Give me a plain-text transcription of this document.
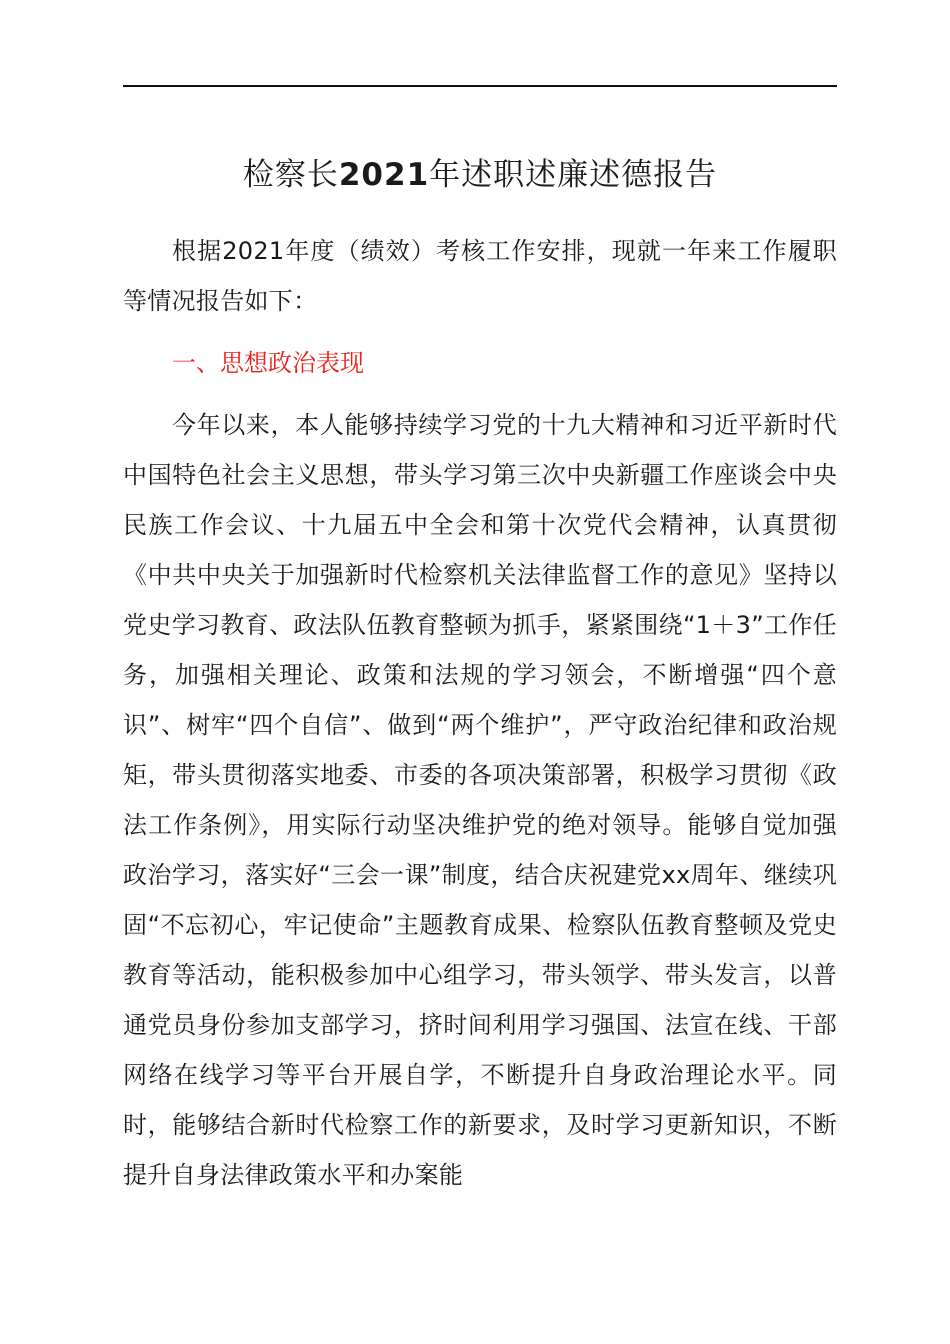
检察长2021年述职述廉述德报告

根据2021年度（绩效）考核工作安排，现就一年来工作履职等情况报告如下：

一、思想政治表现

今年以来，本人能够持续学习党的十九大精神和习近平新时代中国特色社会主义思想，带头学习第三次中央新疆工作座谈会中央民族工作会议、十九届五中全会和第十次党代会精神，认真贯彻《中共中央关于加强新时代检察机关法律监督工作的意见》坚持以党史学习教育、政法队伍教育整顿为抓手，紧紧围绕“1＋3”工作任务，加强相关理论、政策和法规的学习领会，不断增强“四个意识”、树牢“四个自信”、做到“两个维护”，严守政治纪律和政治规矩，带头贯彻落实地委、市委的各项决策部署，积极学习贯彻《政法工作条例》，用实际行动坚决维护党的绝对领导。能够自觉加强政治学习，落实好“三会一课”制度，结合庆祝建党xx周年、继续巩固“不忘初心，牢记使命”主题教育成果、检察队伍教育整顿及党史教育等活动，能积极参加中心组学习，带头领学、带头发言，以普通党员身份参加支部学习，挤时间利用学习强国、法宣在线、干部网络在线学习等平台开展自学，不断提升自身政治理论水平。同时，能够结合新时代检察工作的新要求，及时学习更新知识，不断提升自身法律政策水平和办案能
